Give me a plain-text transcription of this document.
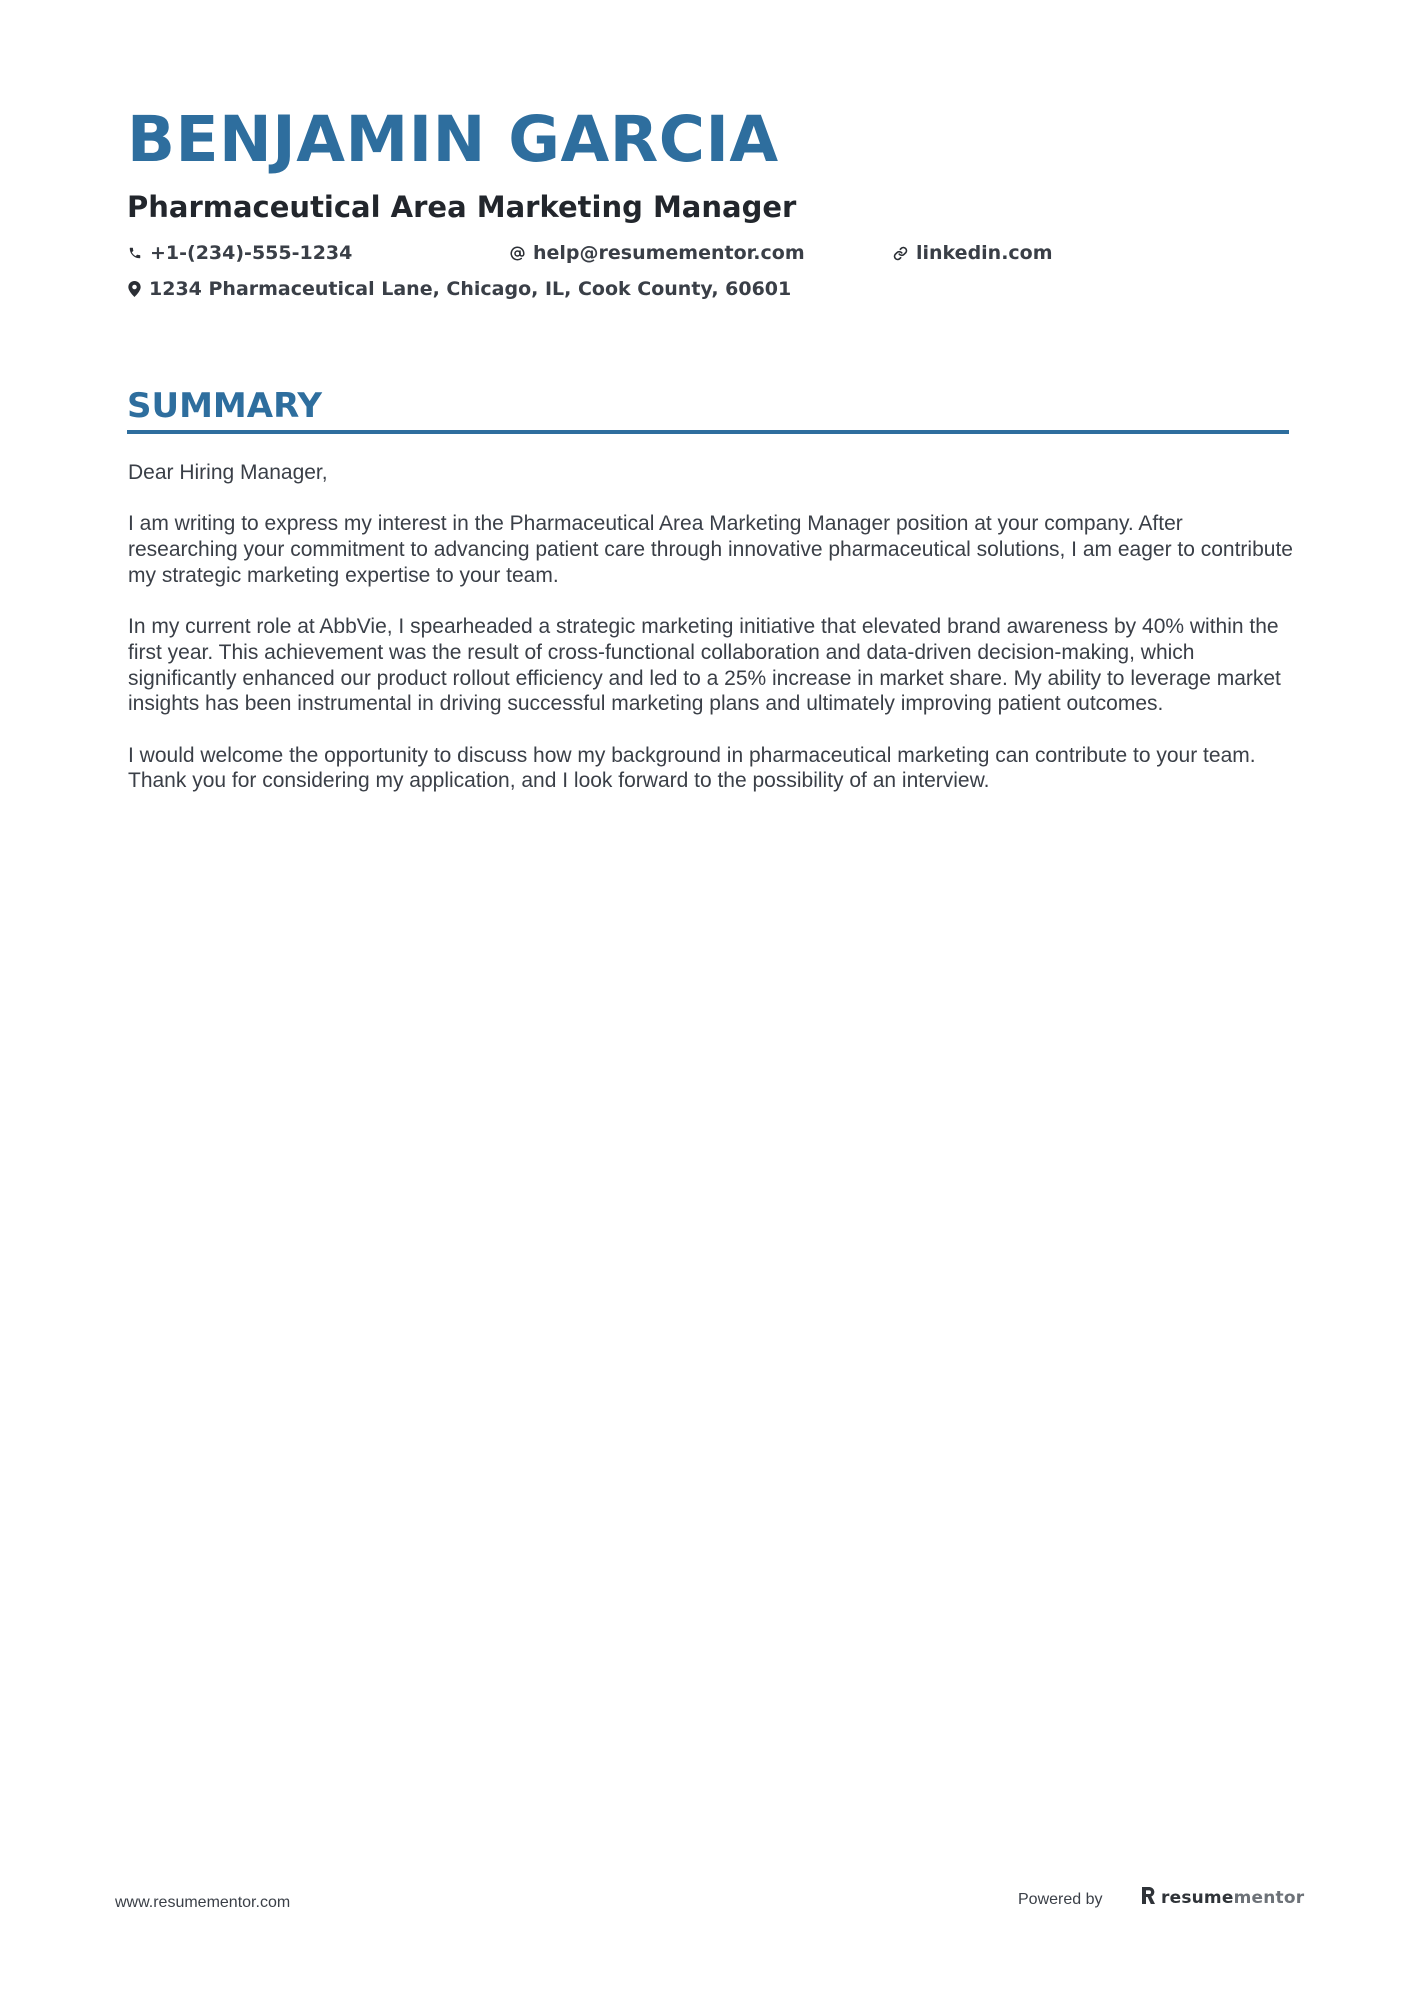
BENJAMIN GARCIA
Pharmaceutical Area Marketing Manager
+1-(234)-555-1234	help@resumementor.com	linkedin.com
1234 Pharmaceutical Lane, Chicago, IL, Cook County, 60601
SUMMARY

Dear Hiring Manager,

I am writing to express my interest in the Pharmaceutical Area Marketing Manager position at your company. After researching your commitment to advancing patient care through innovative pharmaceutical solutions, I am eager to contribute my strategic marketing expertise to your team.

In my current role at AbbVie, I spearheaded a strategic marketing initiative that elevated brand awareness by 40% within the first year. This achievement was the result of cross-functional collaboration and data-driven decision-making, which significantly enhanced our product rollout efficiency and led to a 25% increase in market share. My ability to leverage market insights has been instrumental in driving successful marketing plans and ultimately improving patient outcomes.

I would welcome the opportunity to discuss how my background in pharmaceutical marketing can contribute to your team. Thank you for considering my application, and I look forward to the possibility of an interview.

www.resumementor.com	Powered by	resumementor
